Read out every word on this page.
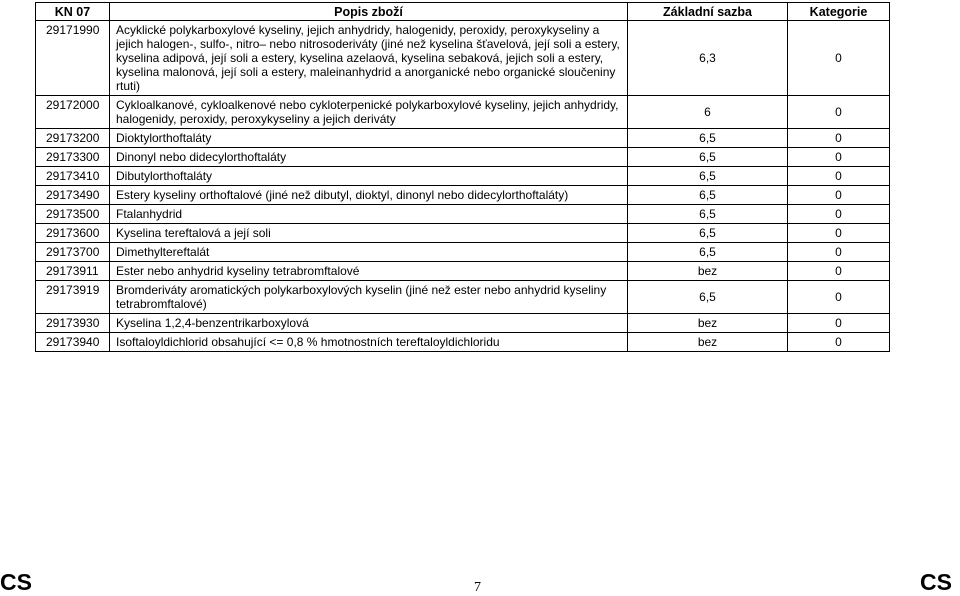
KN 07	Popis zboží	Základní sazba	Kategorie
29171990	Acyklické polykarboxylové kyseliny, jejich anhydridy, halogenidy, peroxidy, peroxykyseliny a jejich halogen-, sulfo-, nitro– nebo nitrosoderiváty (jiné než kyselina šťavelová, její soli a estery, kyselina adipová, její soli a estery, kyselina azelaová, kyselina sebaková, jejich soli a estery, kyselina malonová, její soli a estery, maleinanhydrid a anorganické nebo organické sloučeniny rtuti)	6,3	0
29172000	Cykloalkanové, cykloalkenové nebo cykloterpenické polykarboxylové kyseliny, jejich anhydridy, halogenidy, peroxidy, peroxykyseliny a jejich deriváty	6	0
29173200	Dioktylorthoftaláty	6,5	0
29173300	Dinonyl nebo didecylorthoftaláty	6,5	0
29173410	Dibutylorthoftaláty	6,5	0
29173490	Estery kyseliny orthoftalové (jiné než dibutyl, dioktyl, dinonyl nebo didecylorthoftaláty)	6,5	0
29173500	Ftalanhydrid	6,5	0
29173600	Kyselina tereftalová a její soli	6,5	0
29173700	Dimethyltereftalát	6,5	0
29173911	Ester nebo anhydrid kyseliny tetrabromftalové	bez	0
29173919	Bromderiváty aromatických polykarboxylových kyselin (jiné než ester nebo anhydrid kyseliny tetrabromftalové)	6,5	0
29173930	Kyselina 1,2,4-benzentrikarboxylová	bez	0
29173940	Isoftaloyldichlorid obsahující <= 0,8 % hmotnostních tereftaloyldichloridu	bez	0
CS	7	CS
